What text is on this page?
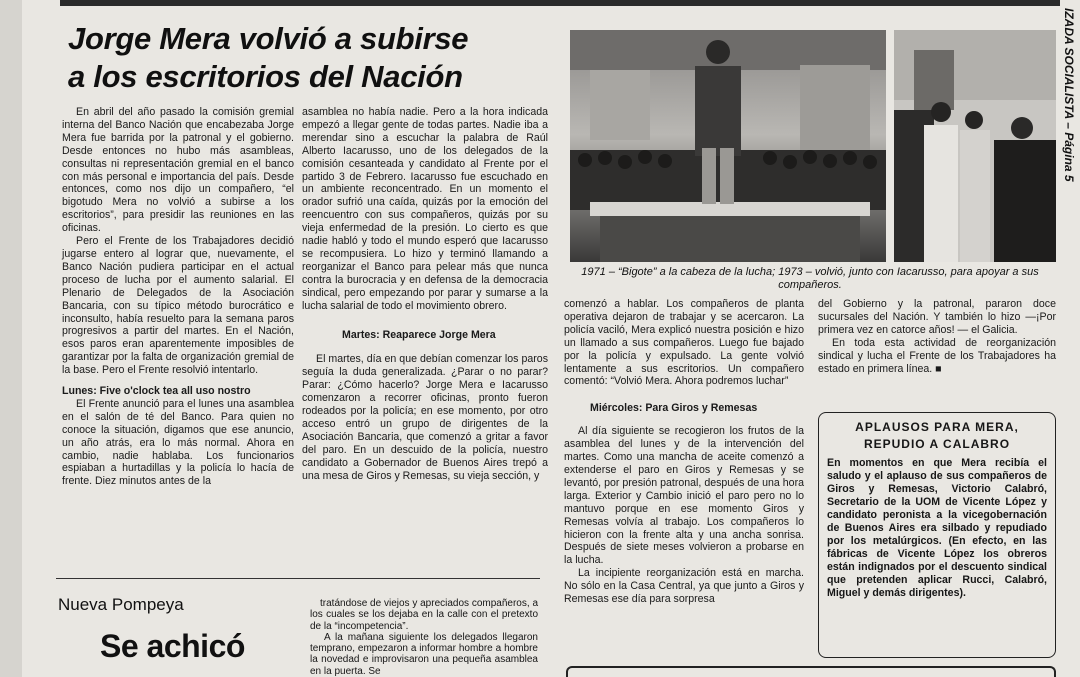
IZADA SOCIALISTA – Página 5
Jorge Mera volvió a subirse
a los escritorios del Nación

En abril del año pasado la comisión gremial interna del Banco Nación que encabezaba Jorge Mera fue barrida por la patronal y el gobierno. Desde entonces no hubo más asambleas, consultas ni representación gremial en el banco con más personal e importancia del país. Desde entonces, como nos dijo un compañero, “el bigotudo Mera no volvió a subirse a los escritorios”, para presidir las reuniones en las oficinas.

Pero el Frente de los Trabajadores decidió jugarse entero al lograr que, nuevamente, el Banco Nación pudiera participar en el actual proceso de lucha por el aumento salarial. El Plenario de Delegados de la Asociación Bancaria, con su típico método burocrático e inconsulto, había resuelto para la semana paros progresivos a partir del martes. En el Nación, esos paros eran aparentemente imposibles de garantizar por la falta de organización gremial de la base. Pero el Frente resolvió intentarlo.

Lunes: Five o'clock tea all uso nostro

El Frente anunció para el lunes una asamblea en el salón de té del Banco. Para quien no conoce la situación, digamos que ese anuncio, un año atrás, era lo más normal. Ahora en cambio, nadie hablaba. Los funcionarios espiaban a hurtadillas y la policía lo hacía de frente. Diez minutos antes de la

asamblea no había nadie. Pero a la hora indicada empezó a llegar gente de todas partes. Nadie iba a merendar sino a escuchar la palabra de Raúl Alberto Iacarusso, uno de los delegados de la comisión cesanteada y candidato al Frente por el partido 3 de Febrero. Iacarusso fue escuchado en un ambiente reconcentrado. En un momento el orador sufrió una caída, quizás por la emoción del reencuentro con sus compañeros, quizás por su vieja enfermedad de la presión. Lo cierto es que nadie habló y todo el mundo esperó que Iacarusso se recompusiera. Lo hizo y terminó llamando a reorganizar el Banco para pelear más que nunca contra la burocracia y en defensa de la democracia sindical, pero empezando por parar y sumarse a la lucha salarial de todo el movimiento obrero.

Martes: Reaparece Jorge Mera

El martes, día en que debían comenzar los paros seguía la duda generalizada. ¿Parar o no parar? Parar: ¿Cómo hacerlo? Jorge Mera e Iacarusso comenzaron a recorrer oficinas, pronto fueron rodeados por la policía; en ese momento, por otro acceso entró un grupo de dirigentes de la Asociación Bancaria, que comenzó a gritar a favor del paro. En un descuido de la policía, nuestro candidato a Gobernador de Buenos Aires trepó a una mesa de Giros y Remesas, su vieja sección, y

1971 – “Bigote” a la cabeza de la lucha; 1973 – volvió, junto con Iacarusso, para apoyar a sus compañeros.

comenzó a hablar. Los compañeros de planta operativa dejaron de trabajar y se acercaron. La policía vaciló, Mera explicó nuestra posición e hizo un llamado a sus compañeros. Luego fue bajado por la policía y expulsado. La gente volvió lentamente a sus escritorios. Un compañero comentó: “Volvió Mera. Ahora podremos luchar”

Miércoles: Para Giros y Remesas

Al día siguiente se recogieron los frutos de la asamblea del lunes y de la intervención del martes. Como una mancha de aceite comenzó a extenderse el paro en Giros y Remesas y se levantó, por presión patronal, después de una hora larga. Exterior y Cambio inició el paro pero no lo mantuvo porque en ese momento Giros y Remesas volvía al trabajo. Los compañeros lo hicieron con la frente alta y una ancha sonrisa. Después de siete meses volvieron a probarse en la lucha.

La incipiente reorganización está en marcha. No sólo en la Casa Central, ya que junto a Giros y Remesas ese día para sorpresa

del Gobierno y la patronal, pararon doce sucursales del Nación. Y también lo hizo —¡Por primera vez en catorce años! — el Galicia.

En toda esta actividad de reorganización sindical y lucha el Frente de los Trabajadores ha estado en primera línea. ■

APLAUSOS PARA MERA,
REPUDIO A CALABRO
En momentos en que Mera recibía el saludo y el aplauso de sus compañeros de Giros y Remesas, Victorio Calabró, Secretario de la UOM de Vicente López y candidato peronista a la vicegobernación de Buenos Aires era silbado y repudiado por los metalúrgicos. (En efecto, en las fábricas de Vicente López los obreros están indignados por el descuento sindical que pretenden aplicar Rucci, Calabró, Miguel y demás dirigentes).
Nueva Pompeya
Se achicó

tratándose de viejos y apreciados compañeros, a los cuales se los dejaba en la calle con el pretexto de la “incompetencia”.

A la mañana siguiente los delegados llegaron temprano, empezaron a informar hombre a hombre la novedad e improvisaron una pequeña asamblea en la puerta. Se
